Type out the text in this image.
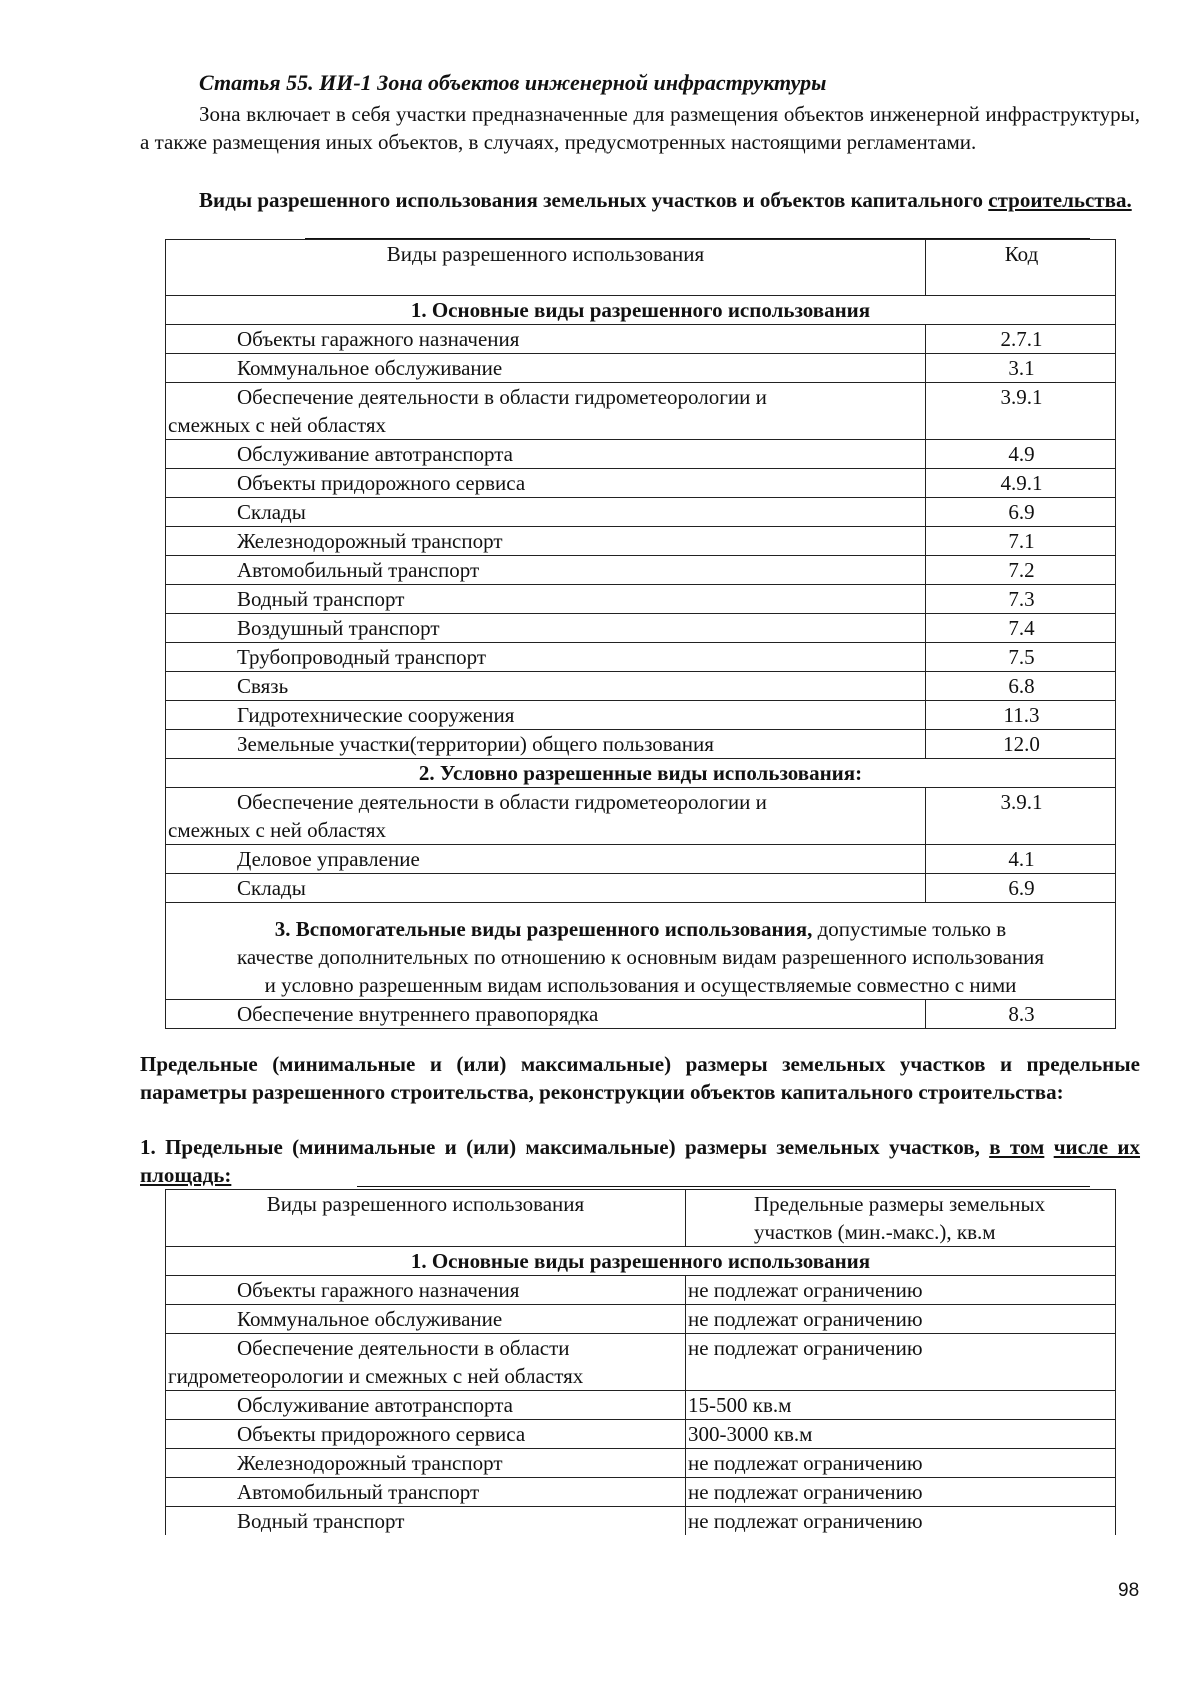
Статья 55. ИИ-1 Зона объектов инженерной инфраструктуры

Зона включает в себя участки предназначенные для размещения объектов инженерной инфраструктуры, а также размещения иных объектов, в случаях, предусмотренных настоящими регламентами.

Виды разрешенного использования земельных участков и объектов капитального строительства.

Виды разрешенного использования	Код
1. Основные виды разрешенного использования	

Объекты гаражного назначения	2.7.1

Коммунальное обслуживание	3.1

Обеспечение деятельности в области гидрометеорологии и
смежных с ней областях	3.9.1

Обслуживание автотранспорта	4.9

Объекты придорожного сервиса	4.9.1

Склады	6.9

Железнодорожный транспорт	7.1

Автомобильный транспорт	7.2

Водный транспорт	7.3

Воздушный транспорт	7.4

Трубопроводный транспорт	7.5

Связь	6.8

Гидротехнические сооружения	11.3

Земельные участки(территории) общего пользования	12.0
2. Условно разрешенные виды использования:	

Обеспечение деятельности в области гидрометеорологии и
смежных с ней областях	3.9.1

Деловое управление	4.1

Склады	6.9

3. Вспомогательные виды разрешенного использования, допустимые только в
качестве дополнительных по отношению к основным видам разрешенного использования
и условно разрешенным видам использования и осуществляемые совместно с ними	

Обеспечение внутреннего правопорядка	8.3

Предельные (минимальные и (или) максимальные) размеры земельных участков и предельные параметры разрешенного строительства, реконструкции объектов капитального строительства:

1. Предельные (минимальные и (или) максимальные) размеры земельных участков, в том числе их площадь:

Виды разрешенного использования	Предельные размеры земельных
участков (мин.-макс.), кв.м
1. Основные виды разрешенного использования	

Объекты гаражного назначения	не подлежат ограничению

Коммунальное обслуживание	не подлежат ограничению

Обеспечение деятельности в области
гидрометеорологии и смежных с ней областях	не подлежат ограничению

Обслуживание автотранспорта	15-500 кв.м

Объекты придорожного сервиса	300-3000 кв.м

Железнодорожный транспорт	не подлежат ограничению

Автомобильный транспорт	не подлежат ограничению

Водный транспорт	не подлежат ограничению
98
